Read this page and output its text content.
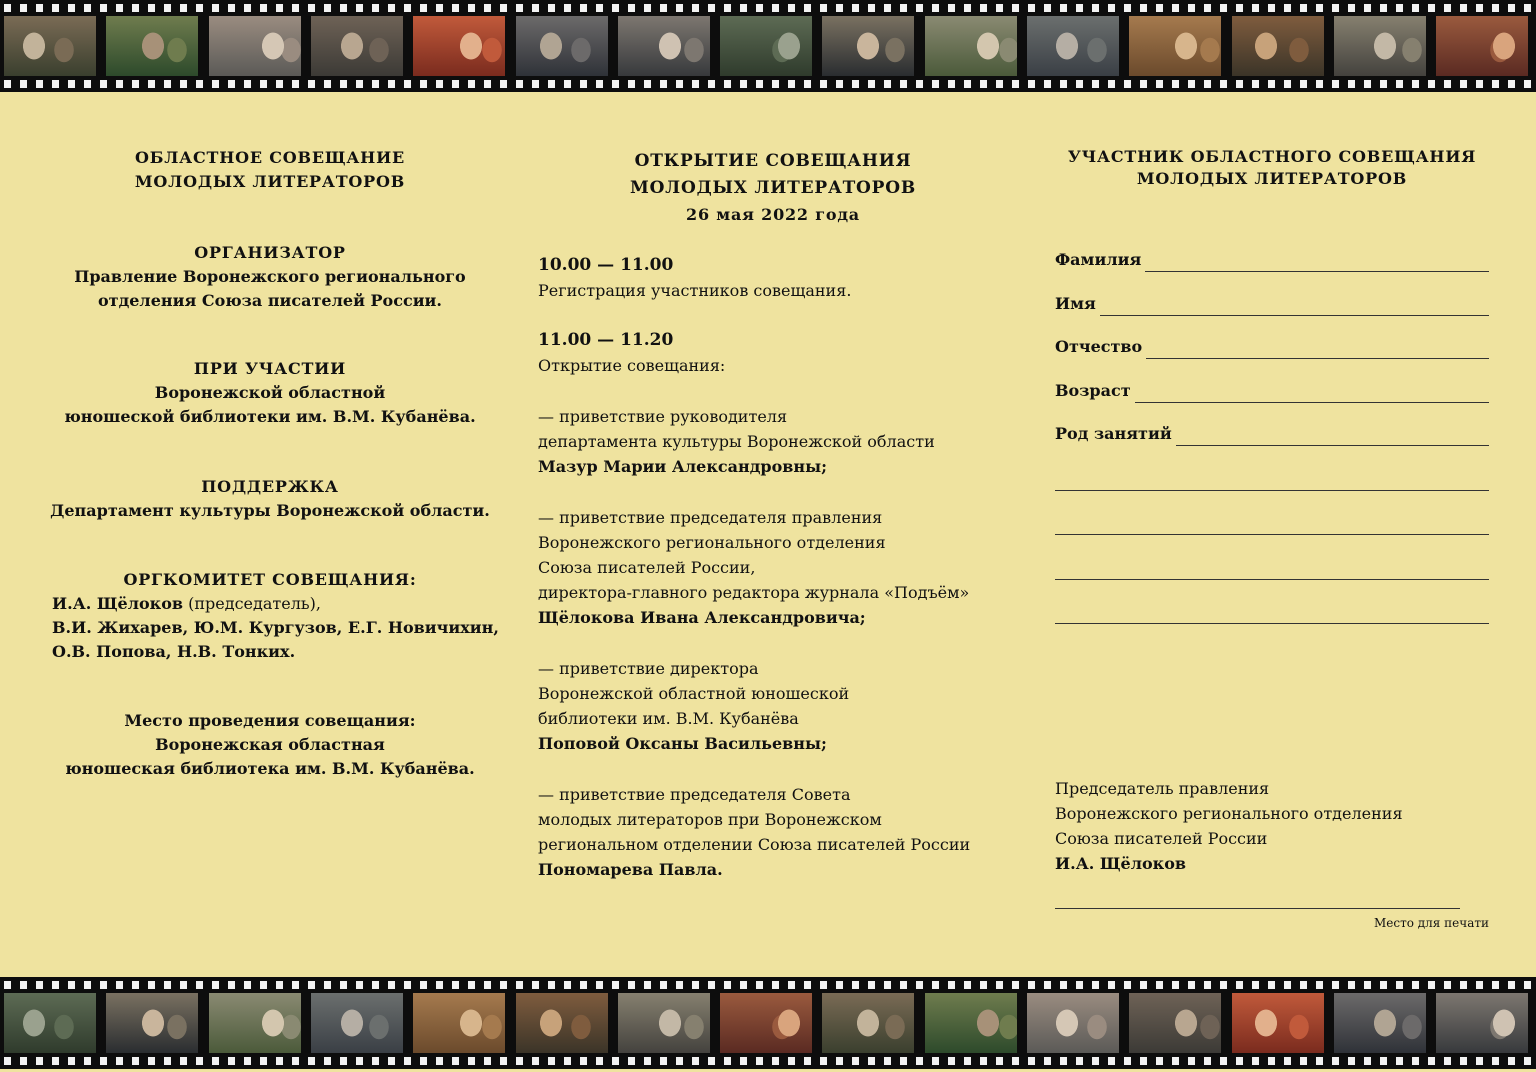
ОБЛАСТНОЕ СОВЕЩАНИЕ
МОЛОДЫХ ЛИТЕРАТОРОВ
ОРГАНИЗАТОР
Правление Воронежского регионального
отделения Союза писателей России.
ПРИ УЧАСТИИ
Воронежской областной
юношеской библиотеки им. В.М. Кубанёва.
ПОДДЕРЖКА
Департамент культуры Воронежской области.
ОРГКОМИТЕТ СОВЕЩАНИЯ:
И.А. Щёлоков (председатель),
В.И. Жихарев, Ю.М. Кургузов, Е.Г. Новичихин,
О.В. Попова, Н.В. Тонких.
Место проведения совещания:
Воронежская областная
юношеская библиотека им. В.М. Кубанёва.
ОТКРЫТИЕ СОВЕЩАНИЯ
МОЛОДЫХ ЛИТЕРАТОРОВ
26 мая 2022 года
10.00 — 11.00
Регистрация участников совещания.
11.00 — 11.20
Открытие совещания:
— приветствие руководителя
департамента культуры Воронежской области
Мазур Марии Александровны;
— приветствие председателя правления
Воронежского регионального отделения
Союза писателей России,
директора-главного редактора журнала «Подъём»
Щёлокова Ивана Александровича;
— приветствие директора
Воронежской областной юношеской
библиотеки им. В.М. Кубанёва
Поповой Оксаны Васильевны;
— приветствие председателя Совета
молодых литераторов при Воронежском
региональном отделении Союза писателей России
Пономарева Павла.
УЧАСТНИК ОБЛАСТНОГО СОВЕЩАНИЯ
МОЛОДЫХ ЛИТЕРАТОРОВ
Фамилия
Имя
Отчество
Возраст
Род занятий
Председатель правления
Воронежского регионального отделения
Союза писателей России
И.А. Щёлоков
Место для печати
